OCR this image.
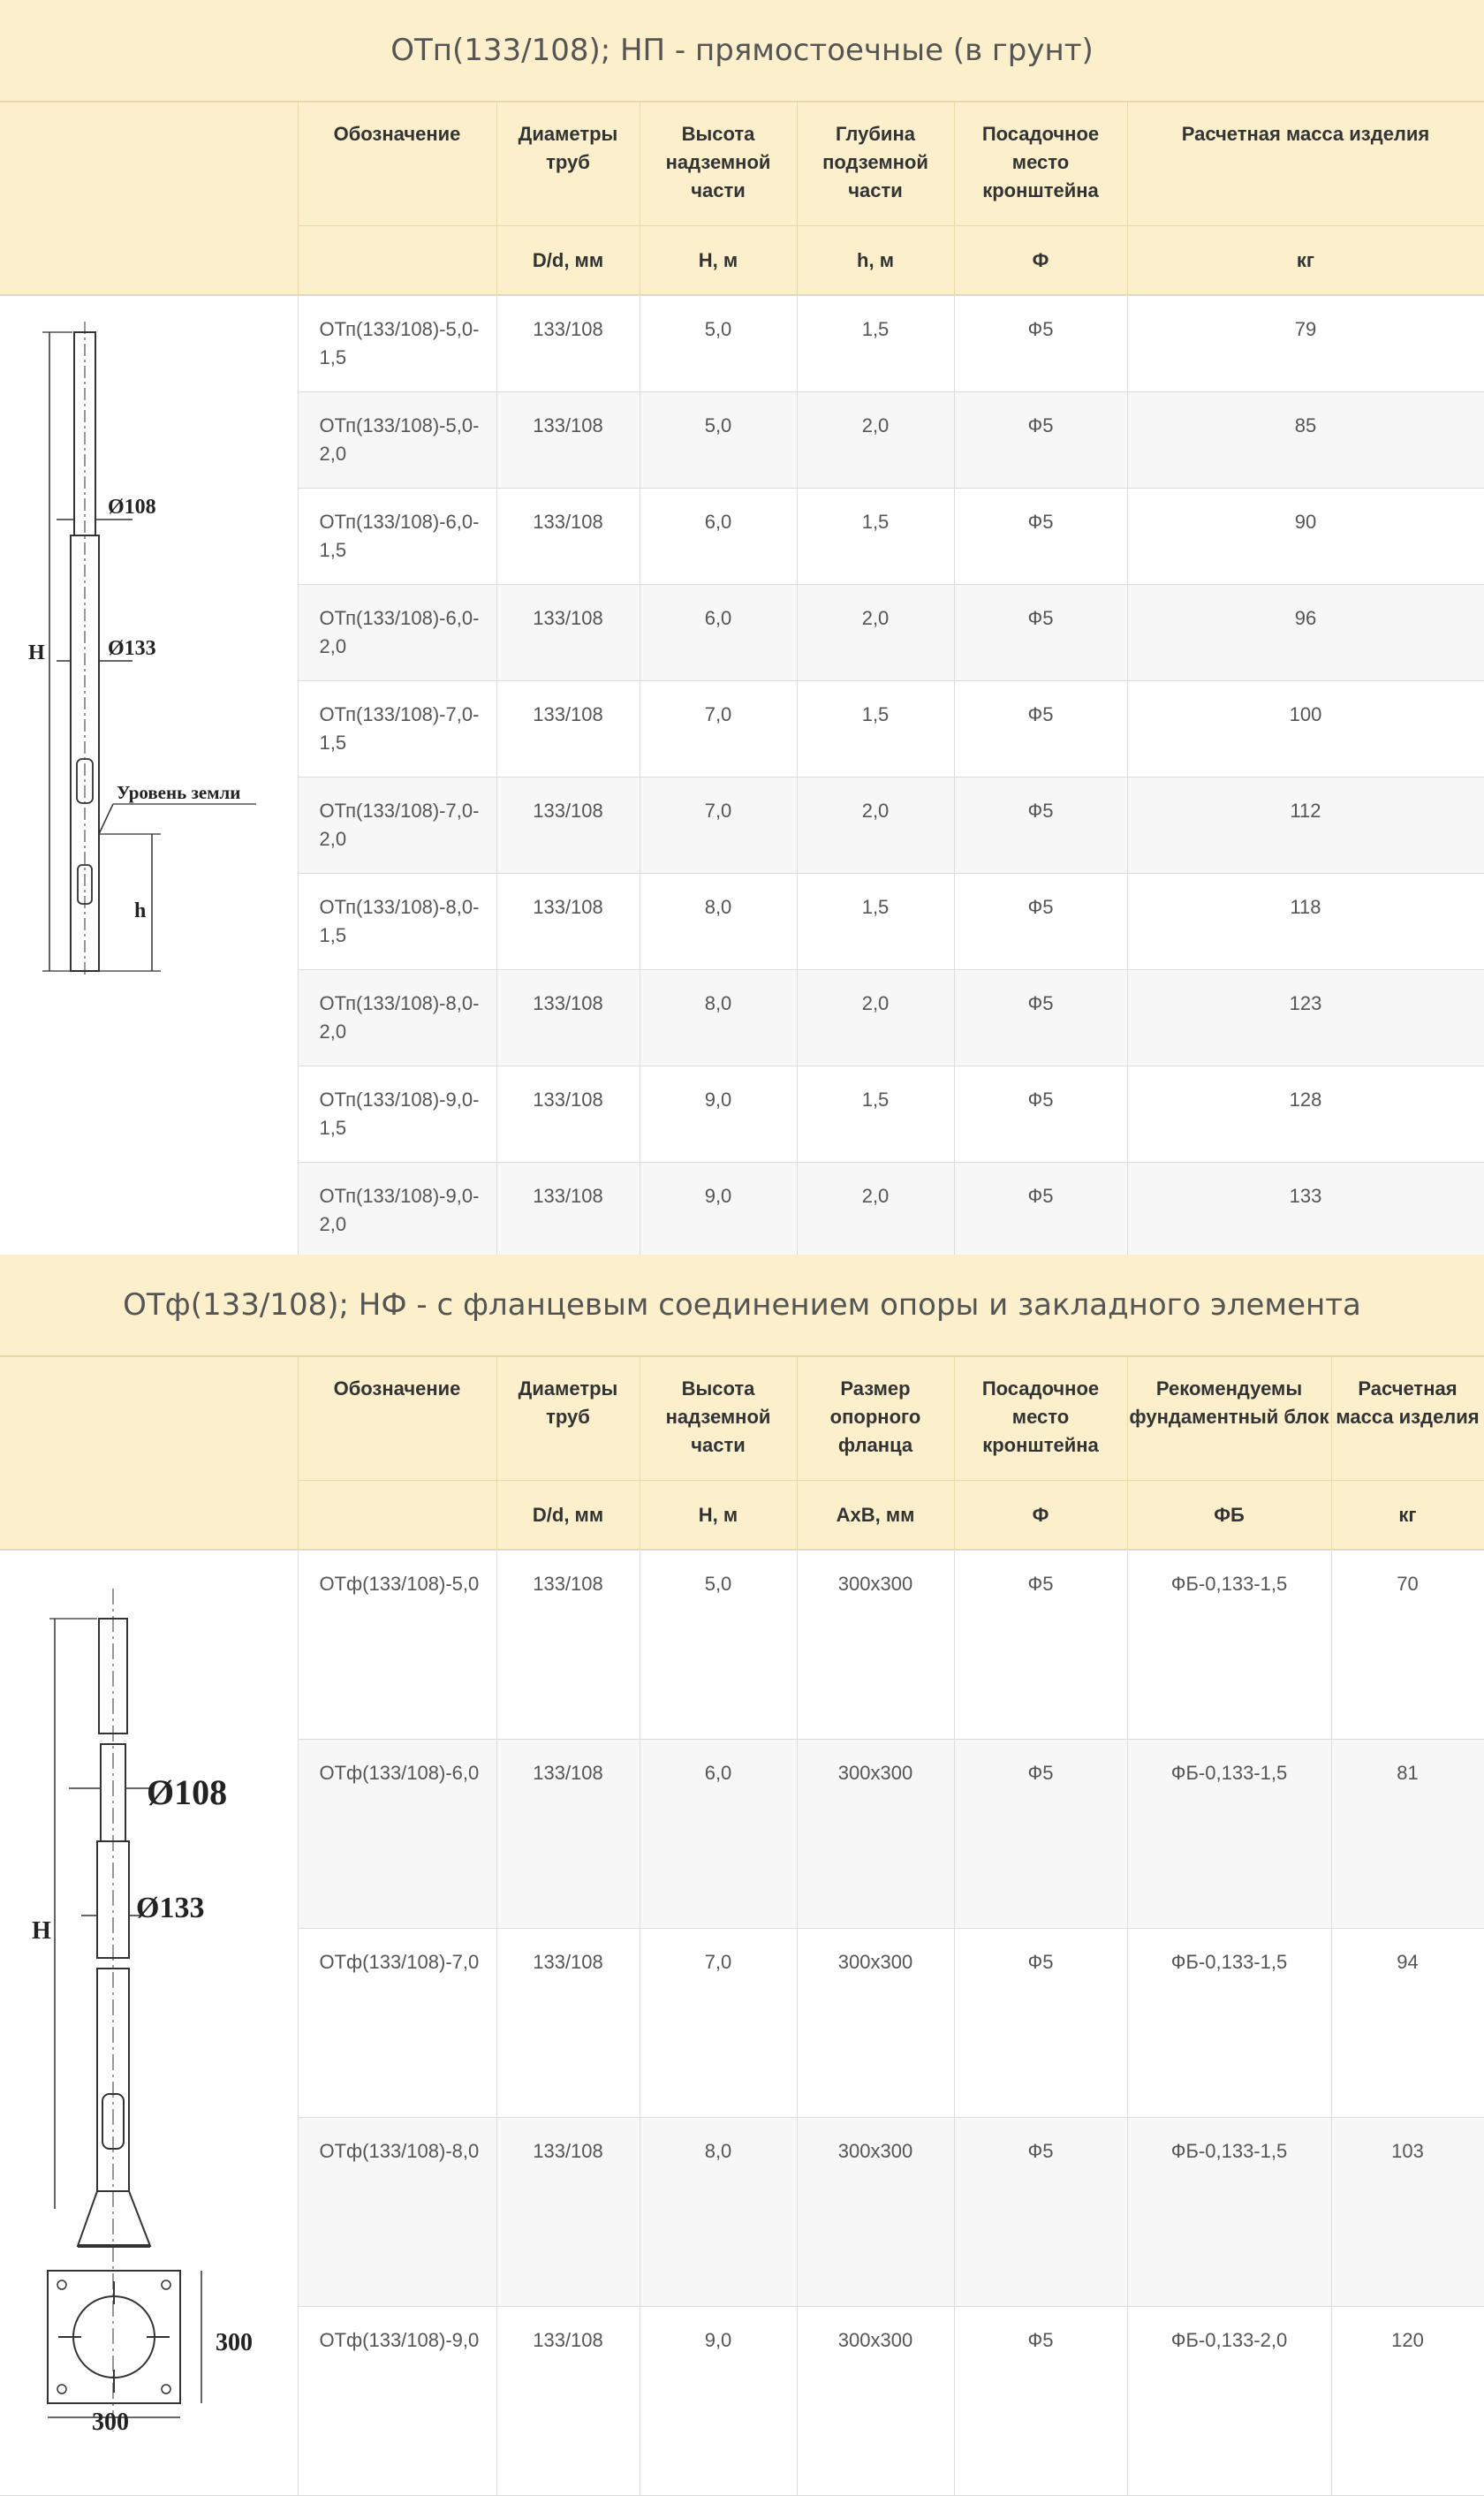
ОТп(133/108); НП - прямостоечные (в грунт)
	Обозначение	Диаметры труб	Высота надземной части	Глубина подземной части	Посадочное место кронштейна	Расчетная масса изделия
		D/d, мм	H, м	h, м	Ф	кг
	ОТп(133/108)-5,0-1,5	133/108	5,0	1,5	Ф5	79
	ОТп(133/108)-5,0-2,0	133/108	5,0	2,0	Ф5	85
	ОТп(133/108)-6,0-1,5	133/108	6,0	1,5	Ф5	90
	ОТп(133/108)-6,0-2,0	133/108	6,0	2,0	Ф5	96
	ОТп(133/108)-7,0-1,5	133/108	7,0	1,5	Ф5	100
	ОТп(133/108)-7,0-2,0	133/108	7,0	2,0	Ф5	112
	ОТп(133/108)-8,0-1,5	133/108	8,0	1,5	Ф5	118
	ОТп(133/108)-8,0-2,0	133/108	8,0	2,0	Ф5	123
	ОТп(133/108)-9,0-1,5	133/108	9,0	1,5	Ф5	128
	ОТп(133/108)-9,0-2,0	133/108	9,0	2,0	Ф5	133
H
Ø108
Ø133
Уровень земли
h
ОТф(133/108); НФ - с фланцевым соединением опоры и закладного элемента
	Обозначение	Диаметры труб	Высота надземной части	Размер опорного фланца	Посадочное место кронштейна	Рекомендуемы фундаментный блок	Расчетная масса изделия
		D/d, мм	H, м	AxB, мм	Ф	ФБ	кг
	ОТф(133/108)-5,0	133/108	5,0	300x300	Ф5	ФБ-0,133-1,5	70
	ОТф(133/108)-6,0	133/108	6,0	300x300	Ф5	ФБ-0,133-1,5	81
	ОТф(133/108)-7,0	133/108	7,0	300x300	Ф5	ФБ-0,133-1,5	94
	ОТф(133/108)-8,0	133/108	8,0	300x300	Ф5	ФБ-0,133-1,5	103
	ОТф(133/108)-9,0	133/108	9,0	300x300	Ф5	ФБ-0,133-2,0	120
H
Ø108
Ø133
300
300
